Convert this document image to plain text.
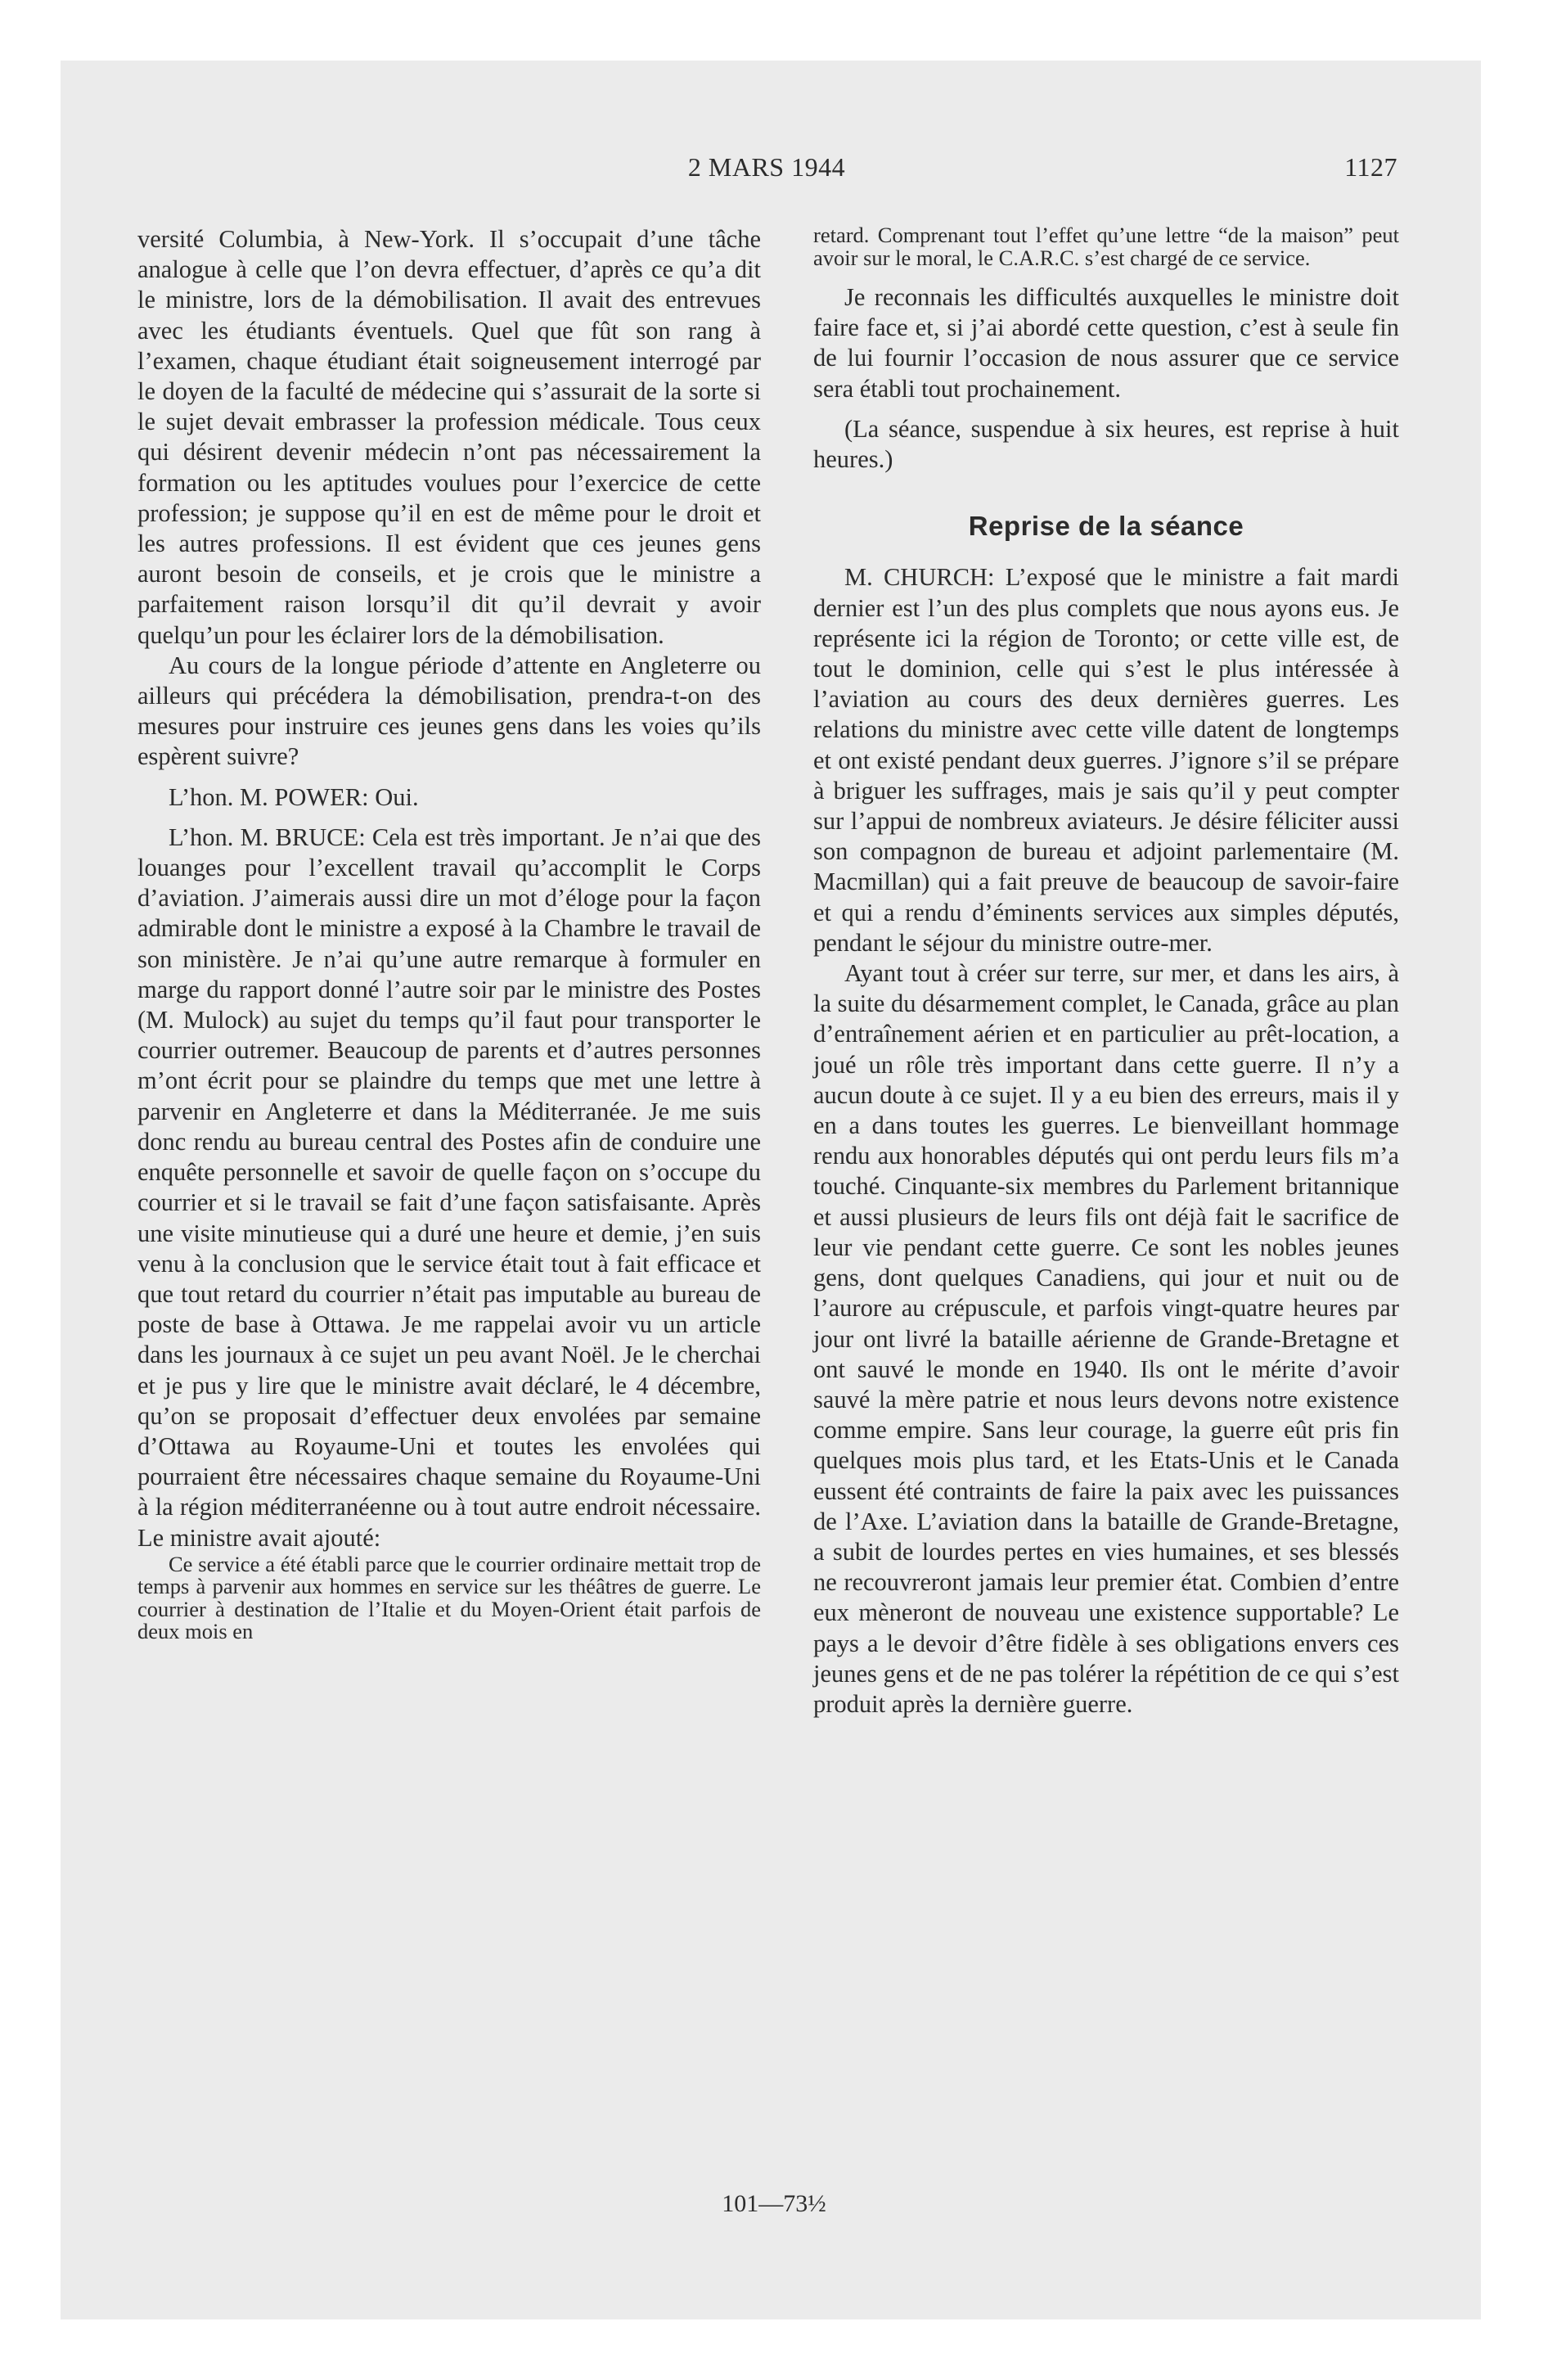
2 MARS 1944	1127

versité Columbia, à New-York. Il s’occupait d’une tâche analogue à celle que l’on devra effectuer, d’après ce qu’a dit le ministre, lors de la démobilisation. Il avait des entrevues avec les étudiants éventuels. Quel que fût son rang à l’examen, chaque étudiant était soigneusement interrogé par le doyen de la faculté de médecine qui s’assurait de la sorte si le sujet devait embrasser la profession médicale. Tous ceux qui désirent devenir médecin n’ont pas nécessairement la formation ou les aptitudes voulues pour l’exercice de cette profession; je suppose qu’il en est de même pour le droit et les autres professions. Il est évident que ces jeunes gens auront besoin de conseils, et je crois que le ministre a parfaitement raison lorsqu’il dit qu’il devrait y avoir quelqu’un pour les éclairer lors de la démobilisation.

Au cours de la longue période d’attente en Angleterre ou ailleurs qui précédera la démobilisation, prendra-t-on des mesures pour instruire ces jeunes gens dans les voies qu’ils espèrent suivre?

L’hon. M. POWER: Oui.

L’hon. M. BRUCE: Cela est très important. Je n’ai que des louanges pour l’excellent travail qu’accomplit le Corps d’aviation. J’aimerais aussi dire un mot d’éloge pour la façon admirable dont le ministre a exposé à la Chambre le travail de son ministère. Je n’ai qu’une autre remarque à formuler en marge du rapport donné l’autre soir par le ministre des Postes (M. Mulock) au sujet du temps qu’il faut pour transporter le courrier outremer. Beaucoup de parents et d’autres personnes m’ont écrit pour se plaindre du temps que met une lettre à parvenir en Angleterre et dans la Méditerranée. Je me suis donc rendu au bureau central des Postes afin de conduire une enquête personnelle et savoir de quelle façon on s’occupe du courrier et si le travail se fait d’une façon satisfaisante. Après une visite minutieuse qui a duré une heure et demie, j’en suis venu à la conclusion que le service était tout à fait efficace et que tout retard du courrier n’était pas imputable au bureau de poste de base à Ottawa. Je me rappelai avoir vu un article dans les journaux à ce sujet un peu avant Noël. Je le cherchai et je pus y lire que le ministre avait déclaré, le 4 décembre, qu’on se proposait d’effectuer deux envolées par semaine d’Ottawa au Royaume-Uni et toutes les envolées qui pourraient être nécessaires chaque semaine du Royaume-Uni à la région méditerranéenne ou à tout autre endroit nécessaire. Le ministre avait ajouté:

Ce service a été établi parce que le courrier ordinaire mettait trop de temps à parvenir aux hommes en service sur les théâtres de guerre. Le courrier à destination de l’Italie et du Moyen-Orient était parfois de deux mois en

retard. Comprenant tout l’effet qu’une lettre “de la maison” peut avoir sur le moral, le C.A.R.C. s’est chargé de ce service.

Je reconnais les difficultés auxquelles le ministre doit faire face et, si j’ai abordé cette question, c’est à seule fin de lui fournir l’occasion de nous assurer que ce service sera établi tout prochainement.

(La séance, suspendue à six heures, est reprise à huit heures.)

Reprise de la séance

M. CHURCH: L’exposé que le ministre a fait mardi dernier est l’un des plus complets que nous ayons eus. Je représente ici la région de Toronto; or cette ville est, de tout le dominion, celle qui s’est le plus intéressée à l’aviation au cours des deux dernières guerres. Les relations du ministre avec cette ville datent de longtemps et ont existé pendant deux guerres. J’ignore s’il se prépare à briguer les suffrages, mais je sais qu’il y peut compter sur l’appui de nombreux aviateurs. Je désire féliciter aussi son compagnon de bureau et adjoint parlementaire (M. Macmillan) qui a fait preuve de beaucoup de savoir-faire et qui a rendu d’éminents services aux simples députés, pendant le séjour du ministre outre-mer.

Ayant tout à créer sur terre, sur mer, et dans les airs, à la suite du désarmement complet, le Canada, grâce au plan d’entraînement aérien et en particulier au prêt-location, a joué un rôle très important dans cette guerre. Il n’y a aucun doute à ce sujet. Il y a eu bien des erreurs, mais il y en a dans toutes les guerres. Le bienveillant hommage rendu aux honorables députés qui ont perdu leurs fils m’a touché. Cinquante-six membres du Parlement britannique et aussi plusieurs de leurs fils ont déjà fait le sacrifice de leur vie pendant cette guerre. Ce sont les nobles jeunes gens, dont quelques Canadiens, qui jour et nuit ou de l’aurore au crépuscule, et parfois vingt-quatre heures par jour ont livré la bataille aérienne de Grande-Bretagne et ont sauvé le monde en 1940. Ils ont le mérite d’avoir sauvé la mère patrie et nous leurs devons notre existence comme empire. Sans leur courage, la guerre eût pris fin quelques mois plus tard, et les Etats-Unis et le Canada eussent été contraints de faire la paix avec les puissances de l’Axe. L’aviation dans la bataille de Grande-Bretagne, a subit de lourdes pertes en vies humaines, et ses blessés ne recouvreront jamais leur premier état. Combien d’entre eux mèneront de nouveau une existence supportable? Le pays a le devoir d’être fidèle à ses obligations envers ces jeunes gens et de ne pas tolérer la répétition de ce qui s’est produit après la dernière guerre.

101—73½
